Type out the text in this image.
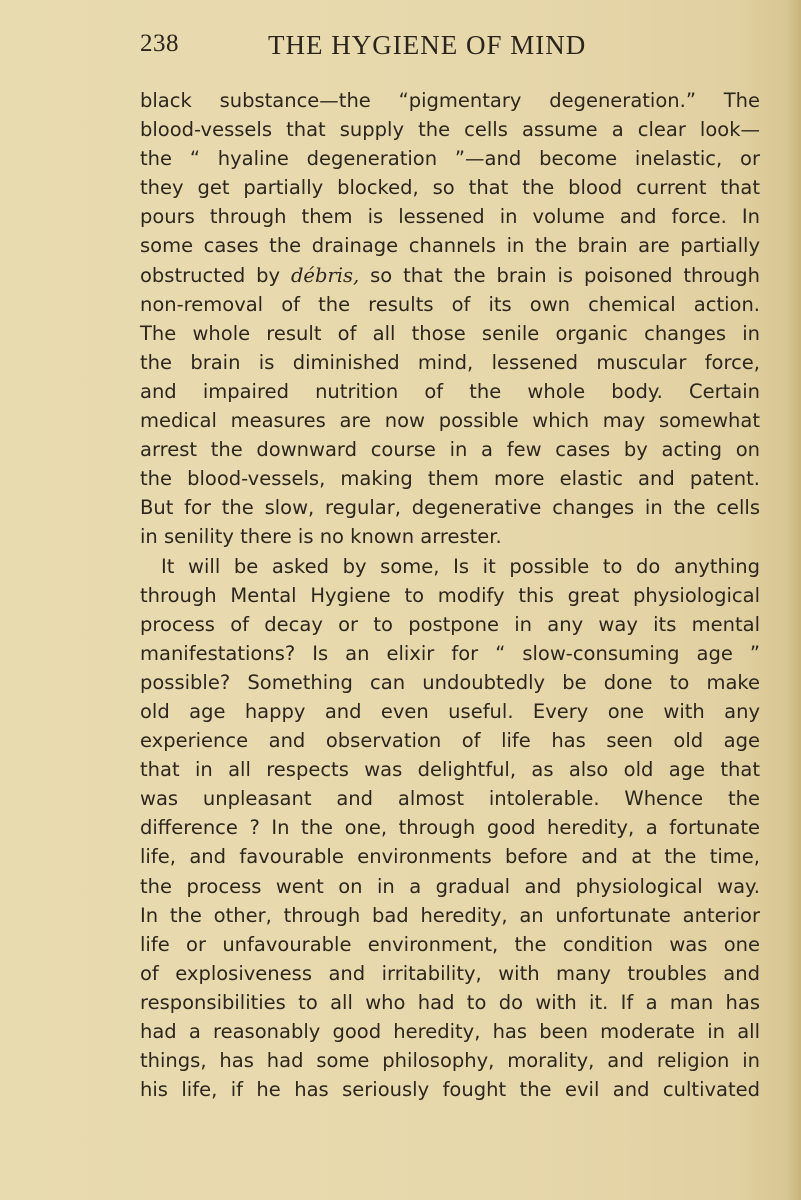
238	THE HYGIENE OF MIND
black substance—the “pigmentary degeneration.” The
blood-vessels that supply the cells assume a clear look—
the “ hyaline degeneration ”—and become inelastic, or
they get partially blocked, so that the blood current that
pours through them is lessened in volume and force. In
some cases the drainage channels in the brain are partially
obstructed by débris, so that the brain is poisoned through
non-removal of the results of its own chemical action.
The whole result of all those senile organic changes in
the brain is diminished mind, lessened muscular force,
and impaired nutrition of the whole body. Certain
medical measures are now possible which may somewhat
arrest the downward course in a few cases by acting on
the blood-vessels, making them more elastic and patent.
But for the slow, regular, degenerative changes in the cells
in senility there is no known arrester.
It will be asked by some, Is it possible to do anything
through Mental Hygiene to modify this great physiological
process of decay or to postpone in any way its mental
manifestations? Is an elixir for “ slow-consuming age ”
possible? Something can undoubtedly be done to make
old age happy and even useful. Every one with any
experience and observation of life has seen old age
that in all respects was delightful, as also old age that
was unpleasant and almost intolerable. Whence the
difference ? In the one, through good heredity, a fortunate
life, and favourable environments before and at the time,
the process went on in a gradual and physiological way.
In the other, through bad heredity, an unfortunate anterior
life or unfavourable environment, the condition was one
of explosiveness and irritability, with many troubles and
responsibilities to all who had to do with it. If a man has
had a reasonably good heredity, has been moderate in all
things, has had some philosophy, morality, and religion in
his life, if he has seriously fought the evil and cultivated
